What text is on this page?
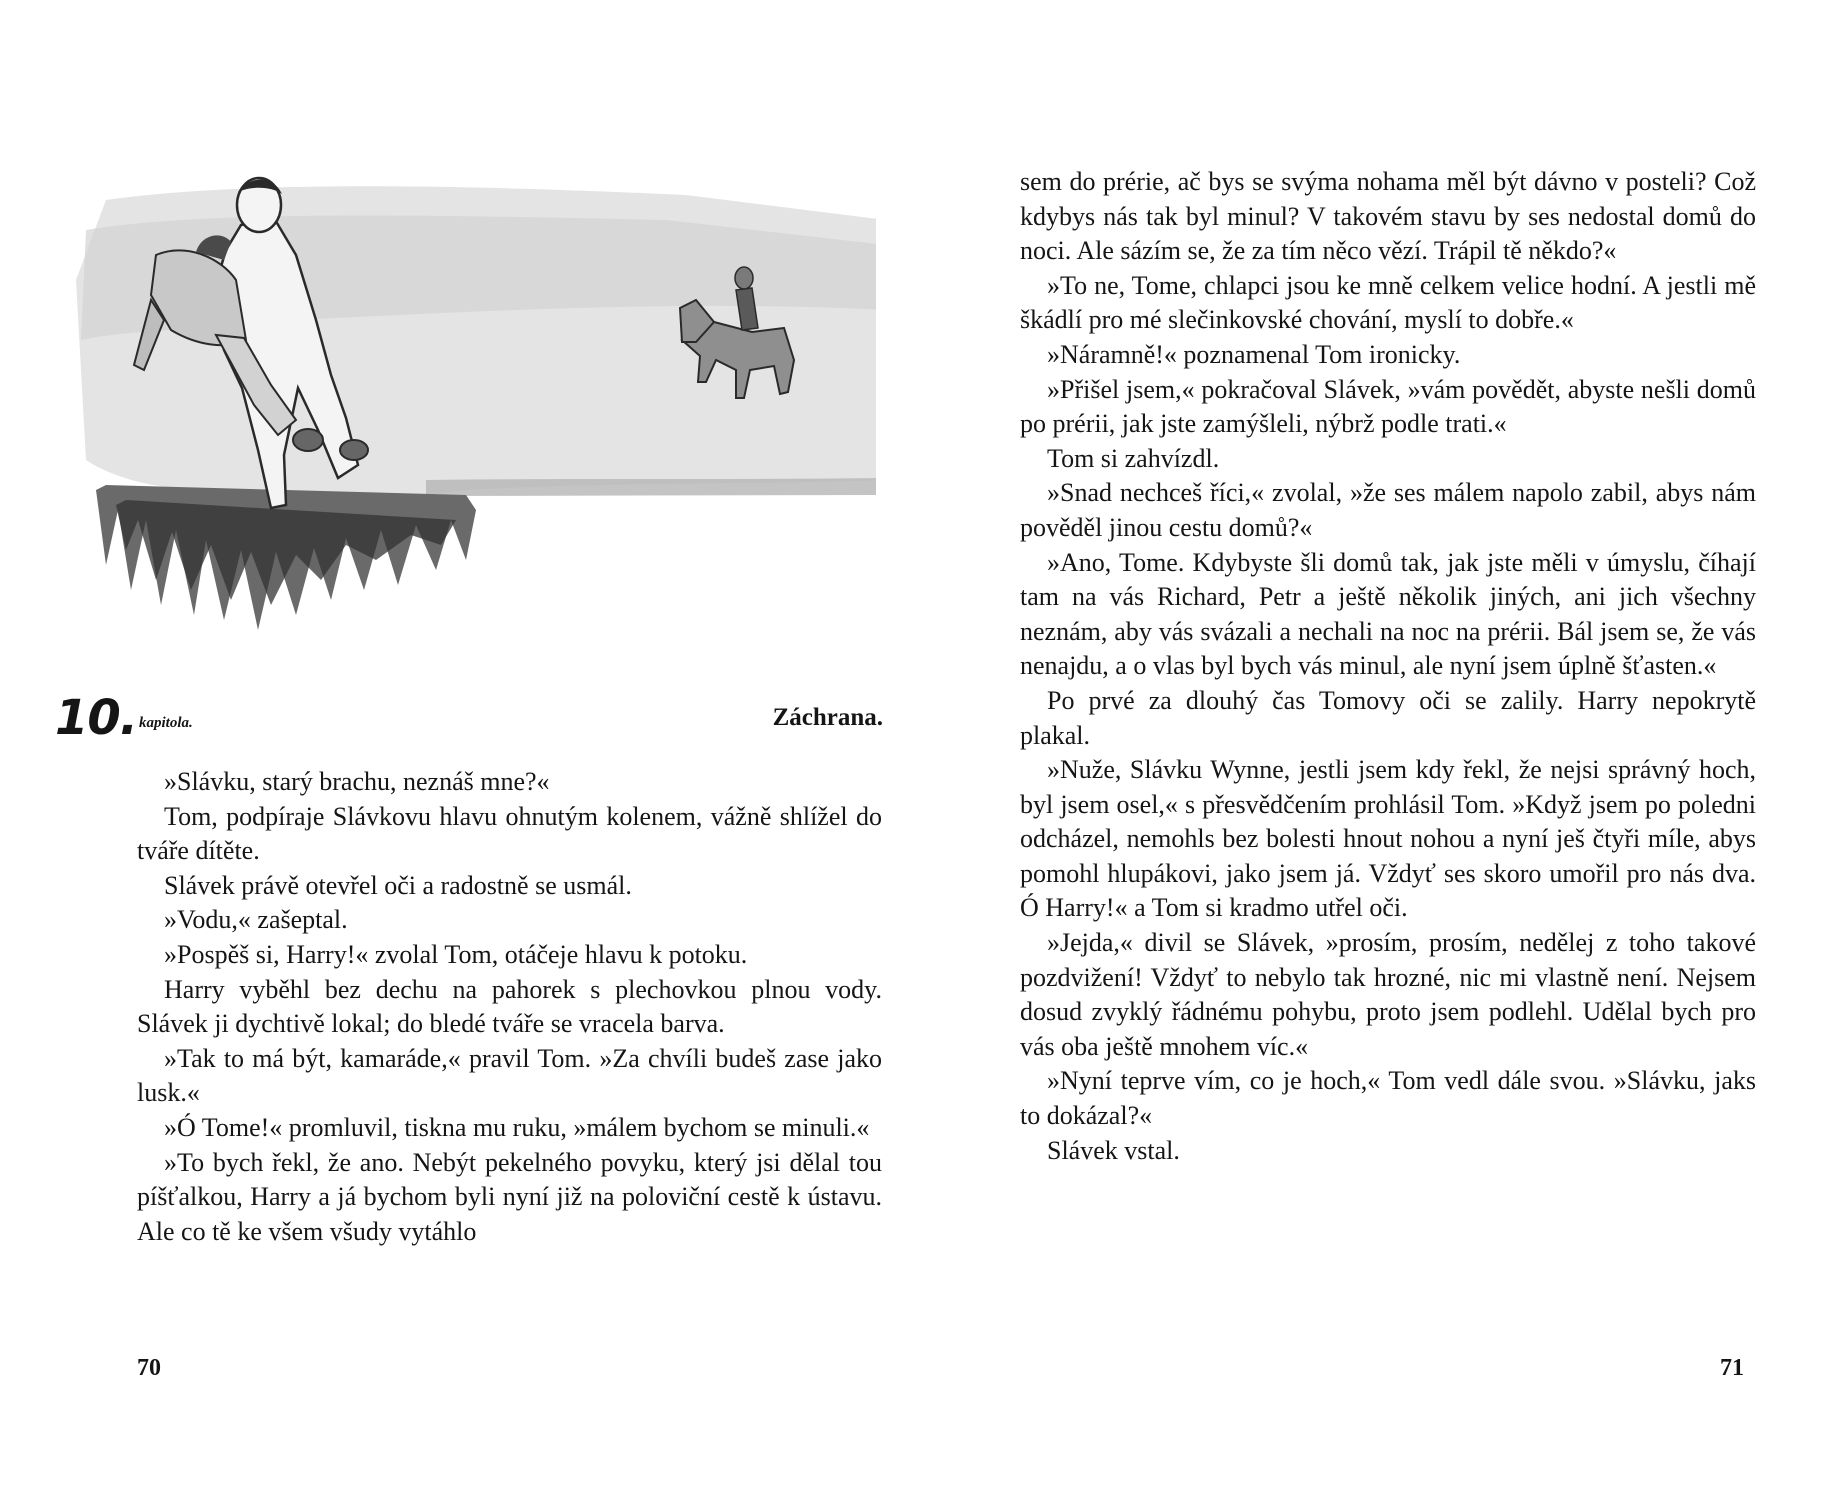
10. kapitola.	Záchrana.

»Slávku, starý brachu, neznáš mne?«

Tom, podpíraje Slávkovu hlavu ohnutým kolenem, vážně shlížel do tváře dítěte.

Slávek právě otevřel oči a radostně se usmál.

»Vodu,« zašeptal.

»Pospěš si, Harry!« zvolal Tom, otáčeje hlavu k potoku.

Harry vyběhl bez dechu na pahorek s plechovkou plnou vody. Slávek ji dychtivě lokal; do bledé tváře se vracela barva.

»Tak to má být, kamaráde,« pravil Tom. »Za chvíli budeš zase jako lusk.«

»Ó Tome!« promluvil, tiskna mu ruku, »málem bychom se minuli.«

»To bych řekl, že ano. Nebýt pekelného povyku, který jsi dělal tou píšťalkou, Harry a já bychom byli nyní již na poloviční cestě k ústavu. Ale co tě ke všem všudy vytáhlo

70

sem do prérie, ač bys se svýma nohama měl být dávno v posteli? Což kdybys nás tak byl minul? V takovém stavu by ses nedostal domů do noci. Ale sázím se, že za tím něco vězí. Trápil tě někdo?«

»To ne, Tome, chlapci jsou ke mně celkem velice hodní. A jestli mě škádlí pro mé slečinkovské chování, myslí to dobře.«

»Náramně!« poznamenal Tom ironicky.

»Přišel jsem,« pokračoval Slávek, »vám povědět, abyste nešli domů po prérii, jak jste zamýšleli, nýbrž podle trati.«

Tom si zahvízdl.

»Snad nechceš říci,« zvolal, »že ses málem napolo zabil, abys nám pověděl jinou cestu domů?«

»Ano, Tome. Kdybyste šli domů tak, jak jste měli v úmyslu, číhají tam na vás Richard, Petr a ještě několik jiných, ani jich všechny neznám, aby vás svázali a nechali na noc na prérii. Bál jsem se, že vás nenajdu, a o vlas byl bych vás minul, ale nyní jsem úplně šťasten.«

Po prvé za dlouhý čas Tomovy oči se zalily. Harry nepokrytě plakal.

»Nuže, Slávku Wynne, jestli jsem kdy řekl, že nejsi správný hoch, byl jsem osel,« s přesvědčením prohlásil Tom. »Když jsem po poledni odcházel, nemohls bez bolesti hnout nohou a nyní ješ čtyři míle, abys pomohl hlupákovi, jako jsem já. Vždyť ses skoro umořil pro nás dva. Ó Harry!« a Tom si kradmo utřel oči.

»Jejda,« divil se Slávek, »prosím, prosím, nedělej z toho takové pozdvižení! Vždyť to nebylo tak hrozné, nic mi vlastně není. Nejsem dosud zvyklý řádnému pohybu, proto jsem podlehl. Udělal bych pro vás oba ještě mnohem víc.«

»Nyní teprve vím, co je hoch,« Tom vedl dále svou. »Slávku, jaks to dokázal?«

Slávek vstal.

71
